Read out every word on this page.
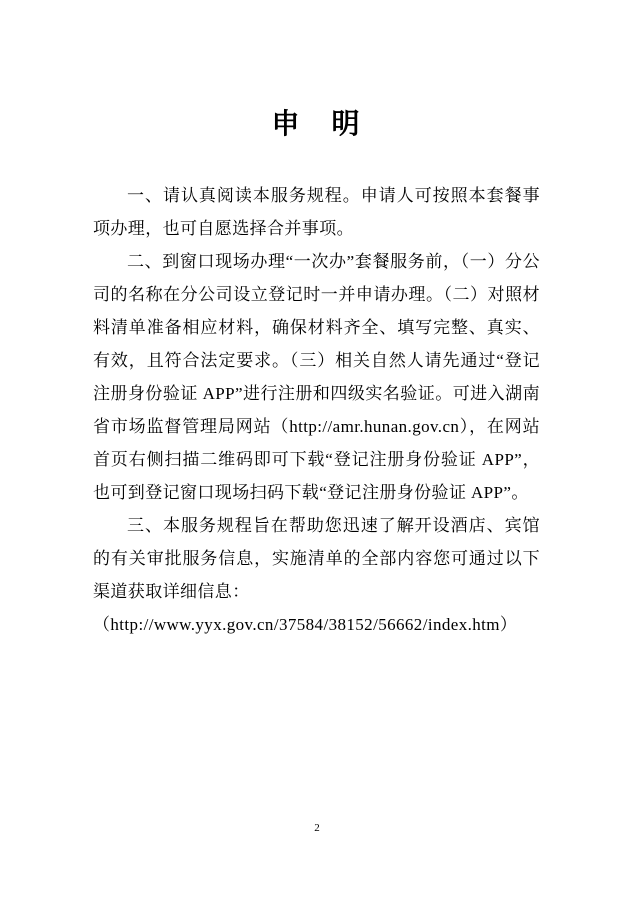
申　明

一、请认真阅读本服务规程。申请人可按照本套餐事项办理，也可自愿选择合并事项。

二、到窗口现场办理“一次办”套餐服务前，（一）分公司的名称在分公司设立登记时一并申请办理。（二）对照材料清单准备相应材料，确保材料齐全、填写完整、真实、有效，且符合法定要求。（三）相关自然人请先通过“登记注册身份验证 APP”进行注册和四级实名验证。可进入湖南省市场监督管理局网站（http://amr.hunan.gov.cn），在网站首页右侧扫描二维码即可下载“登记注册身份验证 APP”，也可到登记窗口现场扫码下载“登记注册身份验证 APP”。

三、本服务规程旨在帮助您迅速了解开设酒店、宾馆的有关审批服务信息，实施清单的全部内容您可通过以下渠道获取详细信息：

（http://www.yyx.gov.cn/37584/38152/56662/index.htm）

2
